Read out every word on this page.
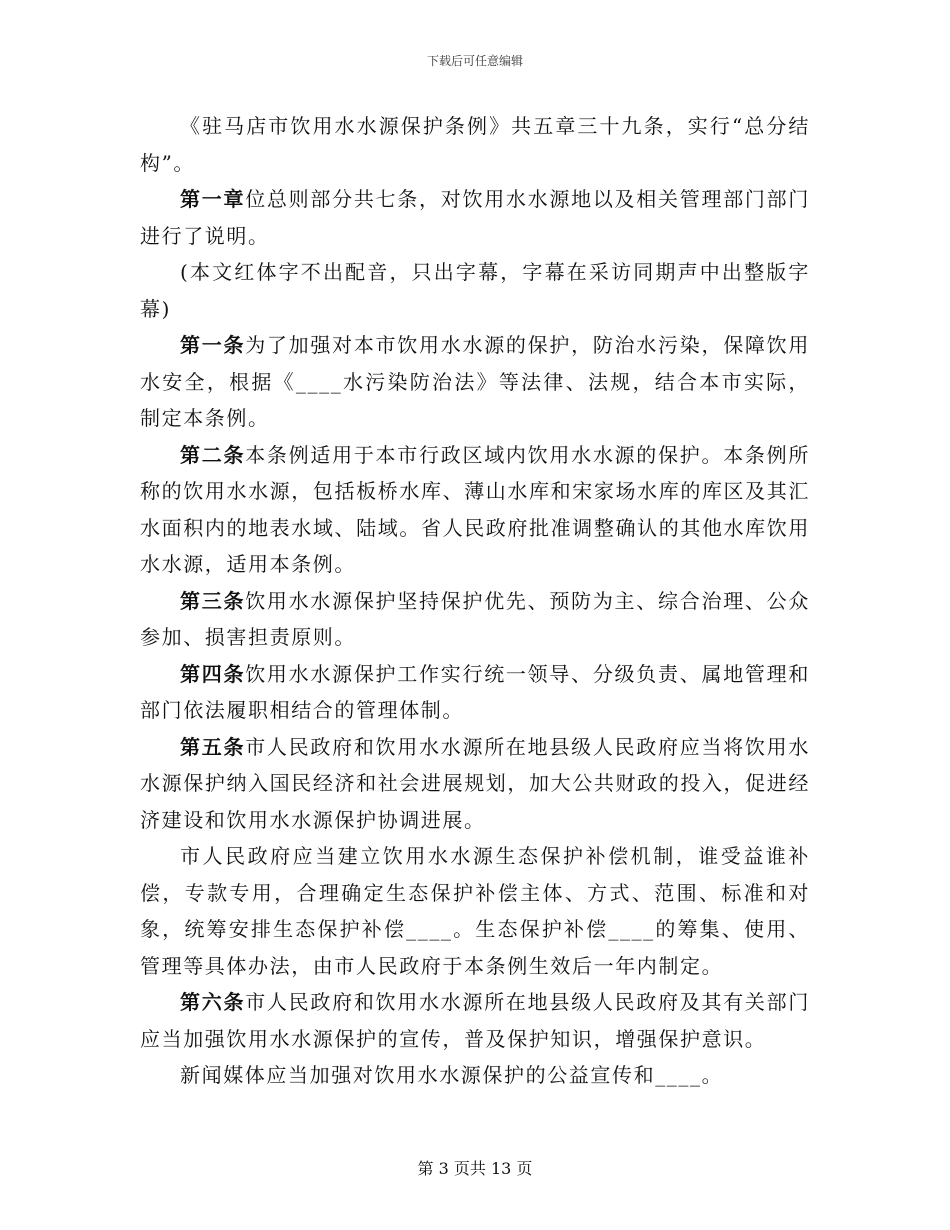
下载后可任意编辑

《驻马店市饮用水水源保护条例》共五章三十九条，实行“总分结构”。

第一章位总则部分共七条，对饮用水水源地以及相关管理部门部门进行了说明。

(本文红体字不出配音，只出字幕，字幕在采访同期声中出整版字幕)

第一条为了加强对本市饮用水水源的保护，防治水污染，保障饮用水安全，根据《____水污染防治法》等法律、法规，结合本市实际，制定本条例。

第二条本条例适用于本市行政区域内饮用水水源的保护。本条例所称的饮用水水源，包括板桥水库、薄山水库和宋家场水库的库区及其汇水面积内的地表水域、陆域。省人民政府批准调整确认的其他水库饮用水水源，适用本条例。

第三条饮用水水源保护坚持保护优先、预防为主、综合治理、公众参加、损害担责原则。

第四条饮用水水源保护工作实行统一领导、分级负责、属地管理和部门依法履职相结合的管理体制。

第五条市人民政府和饮用水水源所在地县级人民政府应当将饮用水水源保护纳入国民经济和社会进展规划，加大公共财政的投入，促进经济建设和饮用水水源保护协调进展。

市人民政府应当建立饮用水水源生态保护补偿机制，谁受益谁补偿，专款专用，合理确定生态保护补偿主体、方式、范围、标准和对象，统筹安排生态保护补偿____。生态保护补偿____的筹集、使用、管理等具体办法，由市人民政府于本条例生效后一年内制定。

第六条市人民政府和饮用水水源所在地县级人民政府及其有关部门应当加强饮用水水源保护的宣传，普及保护知识，增强保护意识。

新闻媒体应当加强对饮用水水源保护的公益宣传和____。

第 3 页共 13 页
